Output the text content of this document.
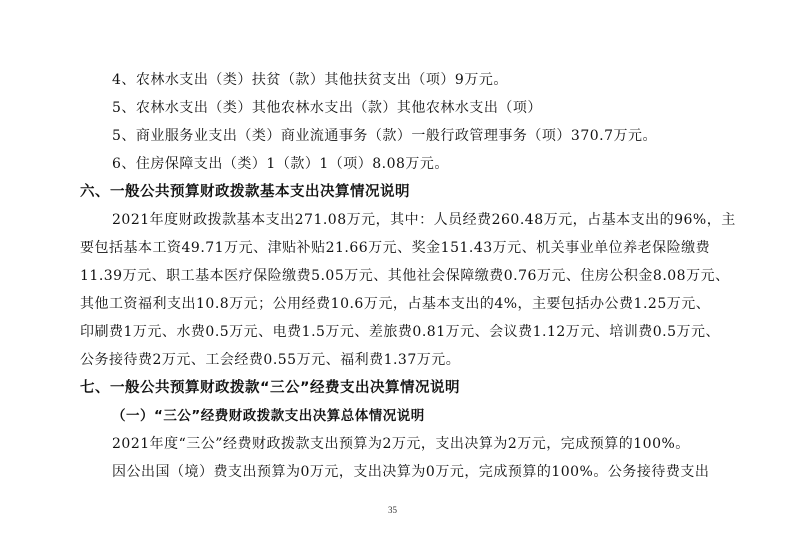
4、农林水支出（类）扶贫（款）其他扶贫支出（项）9万元。
5、农林水支出（类）其他农林水支出（款）其他农林水支出（项）
5、商业服务业支出（类）商业流通事务（款）一般行政管理事务（项）370.7万元。
6、住房保障支出（类）1（款）1（项）8.08万元。
六、一般公共预算财政拨款基本支出决算情况说明
2021年度财政拨款基本支出271.08万元，其中：人员经费260.48万元，占基本支出的96%，主
要包括基本工资49.71万元、津贴补贴21.66万元、奖金151.43万元、机关事业单位养老保险缴费
11.39万元、职工基本医疗保险缴费5.05万元、其他社会保障缴费0.76万元、住房公积金8.08万元、
其他工资福利支出10.8万元；公用经费10.6万元，占基本支出的4%，主要包括办公费1.25万元、
印刷费1万元、水费0.5万元、电费1.5万元、差旅费0.81万元、会议费1.12万元、培训费0.5万元、
公务接待费2万元、工会经费0.55万元、福利费1.37万元。
七、一般公共预算财政拨款“三公”经费支出决算情况说明
（一）“三公”经费财政拨款支出决算总体情况说明
2021年度“三公”经费财政拨款支出预算为2万元，支出决算为2万元，完成预算的100%。
因公出国（境）费支出预算为0万元，支出决算为0万元，完成预算的100%。公务接待费支出
35
